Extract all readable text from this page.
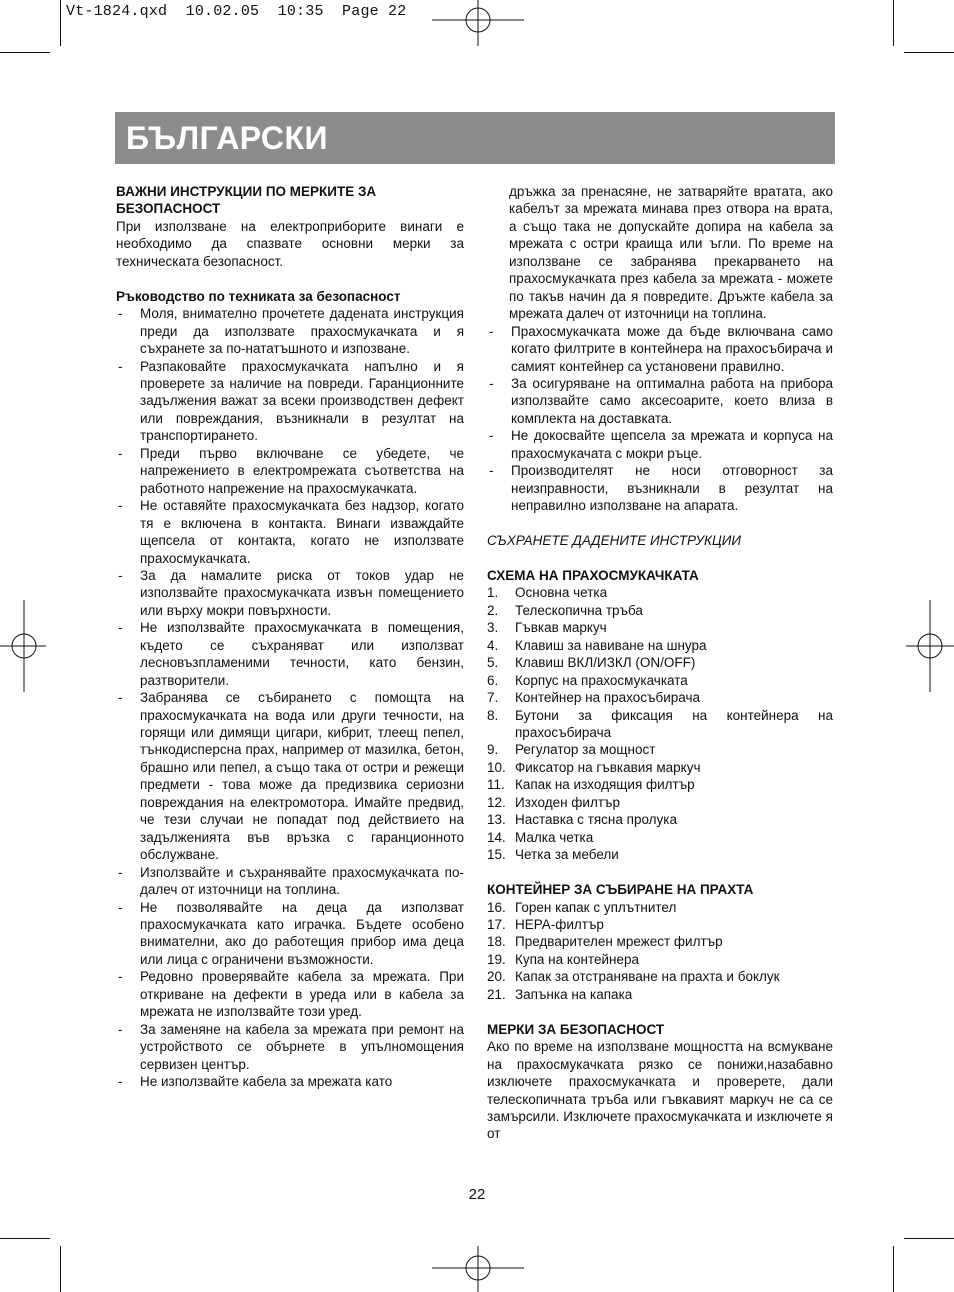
Vt-1824.qxd  10.02.05  10:35  Page 22
БЪЛГАРСКИ

ВАЖНИ ИНСТРУКЦИИ ПО МЕРКИТЕ ЗА БЕЗОПАСНОСТ

При използване на електроприборите винаги е необходимо да спазвате основни мерки за техническата безопасност.

Ръководство по техниката за безопасност

- Моля, внимателно прочетете дадената инструкция преди да използвате прахосмукачката и я съхранете за по-нататъшното и изпозване.
- Разпаковайте прахосмукачката напълно и я проверете за наличие на повреди. Гаранционните задължения важат за всеки производствен дефект или повреждания, възникнали в резултат на транспортирането.
- Преди първо включване се убедете, че напрежението в електромрежата съответства на работното напрежение на прахосмукачката.
- Не оставяйте прахосмукачката без надзор, когато тя е включена в контакта. Винаги изваждайте щепсела от контакта, когато не използвате прахосмукачката.
- За да намалите риска от токов удар не използвайте прахосмукачката извън помещението или върху мокри повърхности.
- Не използвайте прахосмукачката в помещения, където се съхраняват или използват лесновъзпламеними течности, като бензин, разтворители.
- Забранява се събирането с помощта на прахосмукачката на вода или други течности, на горящи или димящи цигари, кибрит, тлеещ пепел, тънкодисперсна прах, например от мазилка, бетон, брашно или пепел, а също така от остри и режещи предмети - това може да предизвика сериозни повреждания на електромотора. Имайте предвид, че тези случаи не попадат под действието на задълженията във връзка с гаранционното обслужване.
- Използвайте и съхранявайте прахосмукачката по-далеч от източници на топлина.
- Не позволявайте на деца да използват прахосмукачката като играчка. Бъдете особено внимателни, ако до работещия прибор има деца или лица с ограничени възможности.
- Редовно проверявайте кабела за мрежата. При откриване на дефекти в уреда или в кабела за мрежата не използвайте този уред.
- За заменяне на кабела за мрежата при ремонт на устройството се обърнете в упълномощения сервизен център.
- Не използвайте кабела за мрежата като

дръжка за пренасяне, не затваряйте вратата, ако кабелът за мрежата минава през отвора на врата, а също така не допускайте допира на кабела за мрежата с остри краища или ъгли. По време на използване се забранява прекарването на прахосмукачката през кабела за мрежата - можете по такъв начин да я повредите. Дръжте кабела за мрежата далеч от източници на топлина.

- Прахосмукачката може да бъде включвана само когато филтрите в контейнера на прахосъбирача и самият контейнер са установени правилно.
- За осигуряване на оптимална работа на прибора използвайте само аксесоарите, което влиза в комплекта на доставката.
- Не докосвайте щепсела за мрежата и корпуса на прахосмукачата с мокри ръце.
- Производителят не носи отговорност за неизправности, възникнали в резултат на неправилно използване на апарата.

СЪХРАНЕТЕ ДАДЕНИТЕ ИНСТРУКЦИИ

СХЕМА НА ПРАХОСМУКАЧКАТА

1. Основна четка
2. Телескопична тръба
3. Гъвкав маркуч
4. Клавиш за навиване на шнура
5. Клавиш ВКЛ/ИЗКЛ (ON/OFF)
6. Корпус на прахосмукачката
7. Контейнер на прахосъбирача
8. Бутони за фиксация на контейнера на прахосъбирача
9. Регулатор за мощност
10. Фиксатор на гъвкавия маркуч
11. Капак на изходящия филтър
12. Изходен филтър
13. Наставка с тясна пролука
14. Малка четка
15. Четка за мебели

КОНТЕЙНЕР ЗА СЪБИРАНЕ НА ПРАХТА

16. Горен капак с уплътнител
17. HEPA-филтър
18. Предварителен мрежест филтър
19. Купа на контейнера
20. Капак за отстраняване на прахта и боклук
21. Запънка на капака

МЕРКИ ЗА БЕЗОПАСНОСТ

Ако по време на използване мощността на всмукване на прахосмукачката рязко се понижи,назабавно изключете прахосмукачката и проверете, дали телескопичната тръба или гъвкавият маркуч не са се замърсили. Изключете прахосмукачката и изключете я от

22
